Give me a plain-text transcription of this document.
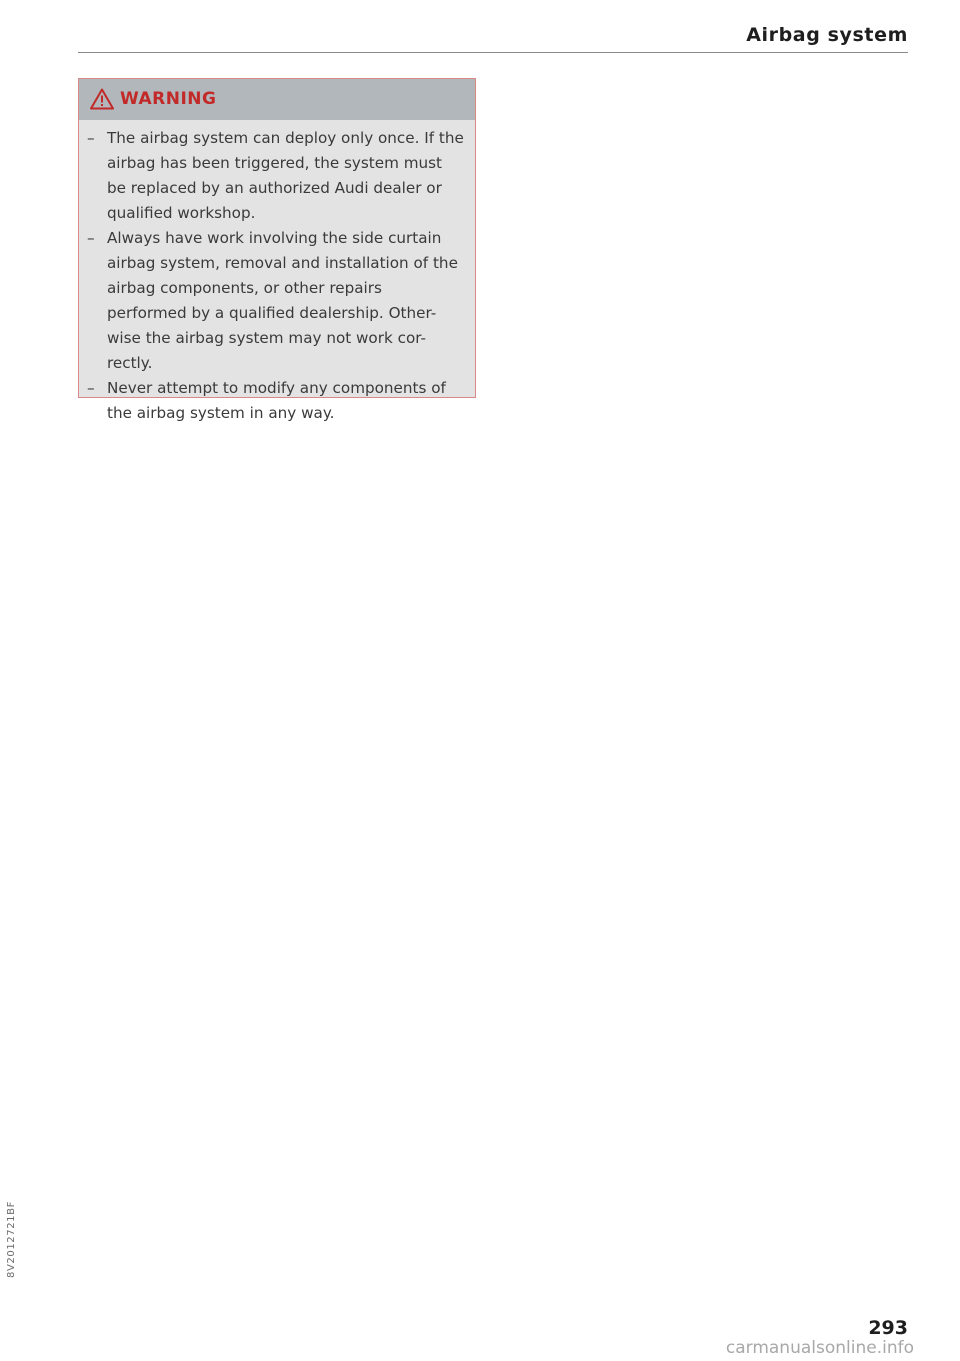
Airbag system
WARNING
– The airbag system can deploy only once. If the airbag has been triggered, the system must be replaced by an authorized Audi dealer or qualified workshop.
– Always have work involving the side curtain airbag system, removal and installation of the airbag components, or other repairs performed by a qualified dealership. Other-wise the airbag system may not work cor-rectly.
– Never attempt to modify any components of the airbag system in any way.
8V2012721BF
293
carmanualsonline.info
